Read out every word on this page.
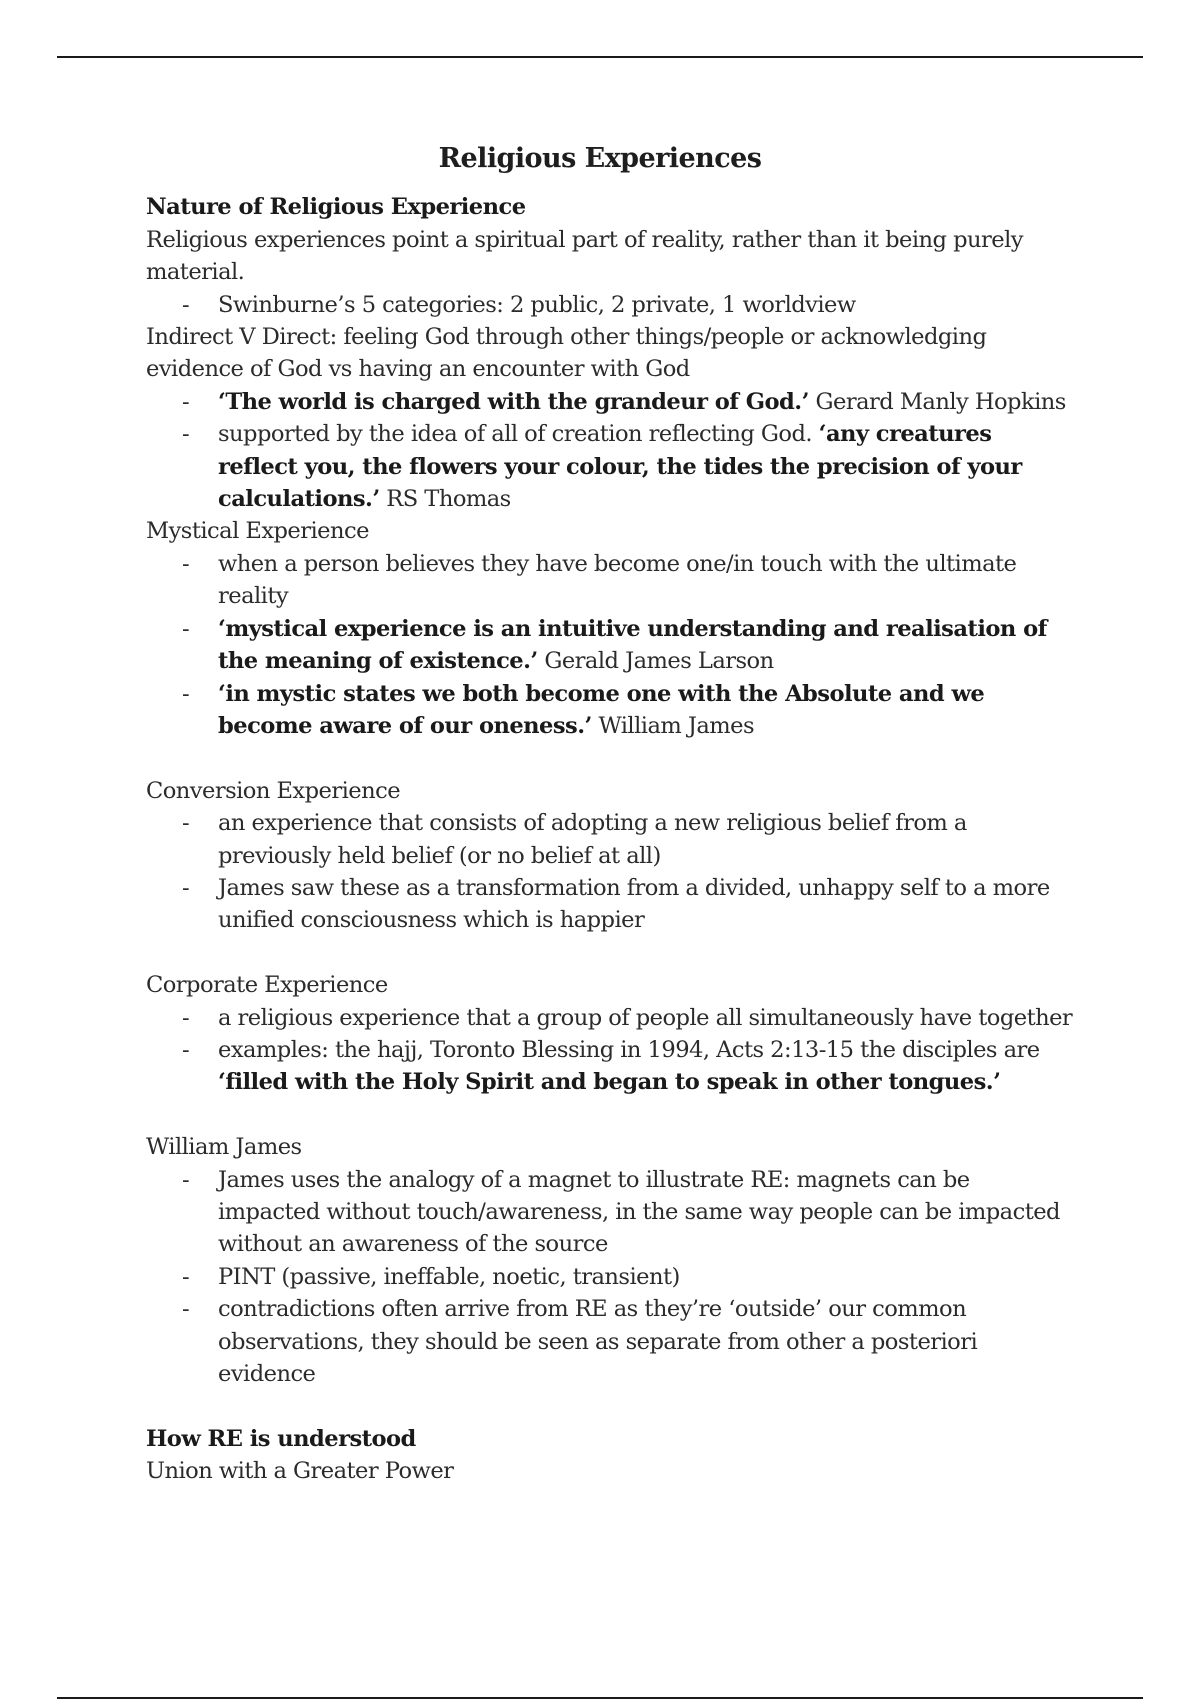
Religious Experiences
Nature of Religious Experience
Religious experiences point a spiritual part of reality, rather than it being purely material.
- Swinburne’s 5 categories: 2 public, 2 private, 1 worldview
Indirect V Direct: feeling God through other things/people or acknowledging evidence of God vs having an encounter with God
- ‘The world is charged with the grandeur of God.’ Gerard Manly Hopkins
- supported by the idea of all of creation reflecting God. ‘any creatures reflect you, the flowers your colour, the tides the precision of your calculations.’ RS Thomas
Mystical Experience
- when a person believes they have become one/in touch with the ultimate reality
- ‘mystical experience is an intuitive understanding and realisation of the meaning of existence.’ Gerald James Larson
- ‘in mystic states we both become one with the Absolute and we become aware of our oneness.’ William James
Conversion Experience
- an experience that consists of adopting a new religious belief from a previously held belief (or no belief at all)
- James saw these as a transformation from a divided, unhappy self to a more unified consciousness which is happier
Corporate Experience
- a religious experience that a group of people all simultaneously have together
- examples: the hajj, Toronto Blessing in 1994, Acts 2:13-15 the disciples are ‘filled with the Holy Spirit and began to speak in other tongues.’
William James
- James uses the analogy of a magnet to illustrate RE: magnets can be impacted without touch/awareness, in the same way people can be impacted without an awareness of the source
- PINT (passive, ineffable, noetic, transient)
- contradictions often arrive from RE as they’re ‘outside’ our common observations, they should be seen as separate from other a posteriori evidence
How RE is understood
Union with a Greater Power
